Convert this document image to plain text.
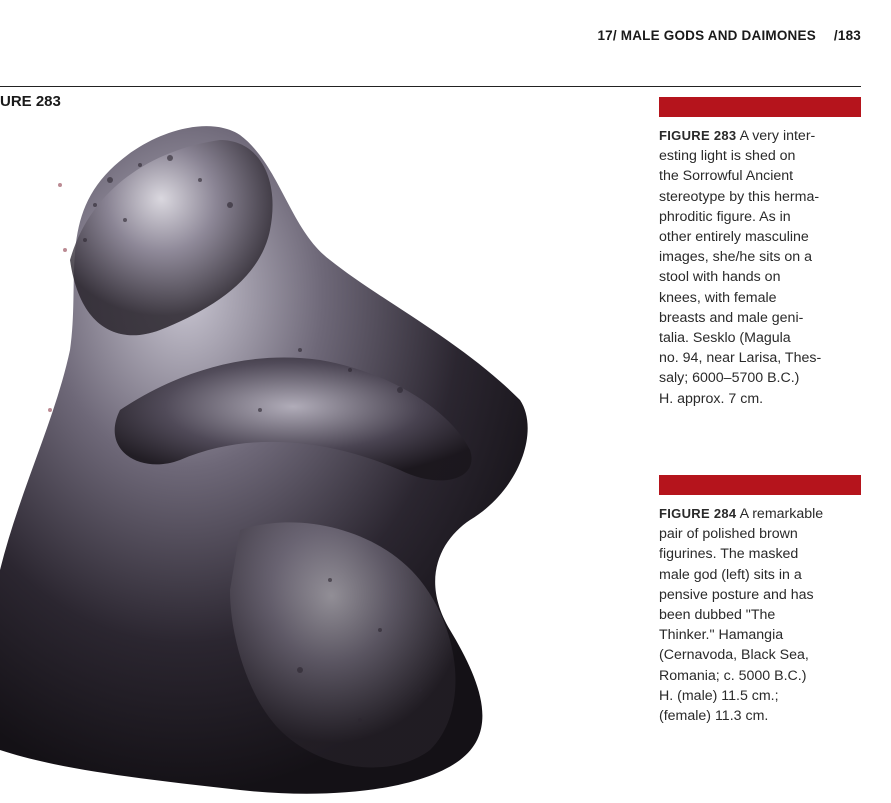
17/ MALE GODS AND DAIMONES /183
URE 283
FIGURE 283 A very inter-
esting light is shed on
the Sorrowful Ancient
stereotype by this herma-
phroditic figure. As in
other entirely masculine
images, she/he sits on a
stool with hands on
knees, with female
breasts and male geni-
talia. Sesklo (Magula
no. 94, near Larisa, Thes-
saly; 6000–5700 B.C.)
H. approx. 7 cm.
FIGURE 284 A remarkable
pair of polished brown
figurines. The masked
male god (left) sits in a
pensive posture and has
been dubbed "The
Thinker." Hamangia
(Cernavoda, Black Sea,
Romania; c. 5000 B.C.)
H. (male) 11.5 cm.;
(female) 11.3 cm.
